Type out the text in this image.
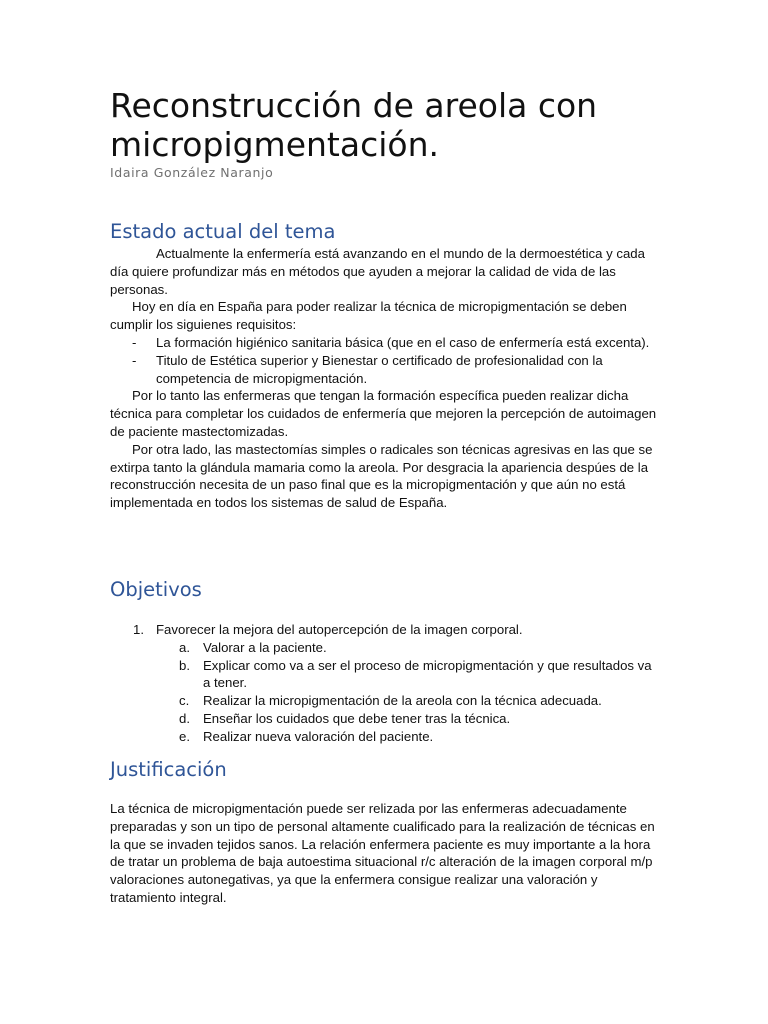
Reconstrucción de areola con micropigmentación.
Idaira González Naranjo
Estado actual del tema

Actualmente la enfermería está avanzando en el mundo de la dermoestética y cada día quiere profundizar más en métodos que ayuden a mejorar la calidad de vida de las personas.

Hoy en día en España para poder realizar la técnica de micropigmentación se deben cumplir los siguienes requisitos:

- La formación higiénico sanitaria básica (que en el caso de enfermería está excenta).
- Titulo de Estética superior y Bienestar o certificado de profesionalidad con la competencia de micropigmentación.

Por lo tanto las enfermeras que tengan la formación específica pueden realizar dicha técnica para completar los cuidados de enfermería que mejoren la percepción de autoimagen de paciente mastectomizadas.

Por otra lado, las mastectomías simples o radicales son técnicas agresivas en las que se extirpa tanto la glándula mamaria como la areola. Por desgracia la apariencia despúes de la reconstrucción necesita de un paso final que es la micropigmentación y que aún no está implementada en todos los sistemas de salud de España.

Objetivos
1. Favorecer la mejora del autopercepción de la imagen corporal.
a. Valorar a la paciente.
b. Explicar como va a ser el proceso de micropigmentación y que resultados va a tener.
c. Realizar la micropigmentación de la areola con la técnica adecuada.
d. Enseñar los cuidados que debe tener tras la técnica.
e. Realizar nueva valoración del paciente.
Justificación

La técnica de micropigmentación puede ser relizada por las enfermeras adecuadamente preparadas y son un tipo de personal altamente cualificado para la realización de técnicas en la que se invaden tejidos sanos. La relación enfermera paciente es muy importante a la hora de tratar un problema de baja autoestima situacional r/c alteración de la imagen corporal m/p valoraciones autonegativas, ya que la enfermera consigue realizar una valoración y tratamiento integral.
